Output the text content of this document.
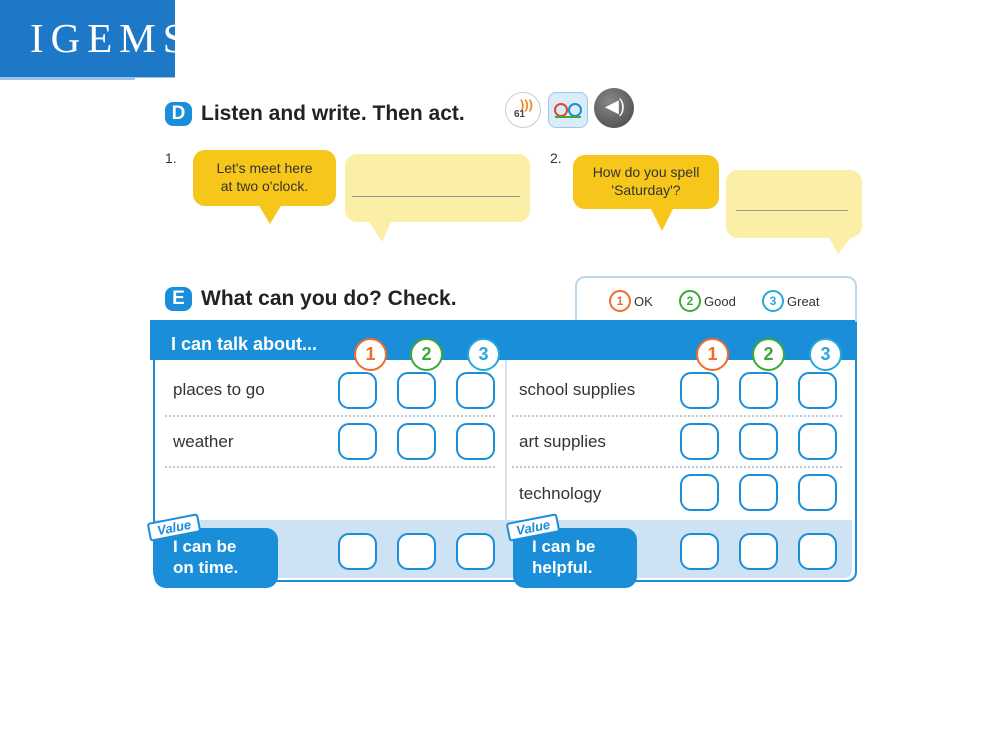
IGEMS
D Listen and write. Then act.	)))
61	◀)
1.
Let's meet here
at two o'clock.
2.
How do you spell
'Saturday'?
E What can you do? Check.	1 OK	2 Good	3 Great
I can talk about...	1	2	3	1	2	3
places to go
weather
school supplies
art supplies
technology
I can be
on time.
Value
I can be
helpful.
Value
